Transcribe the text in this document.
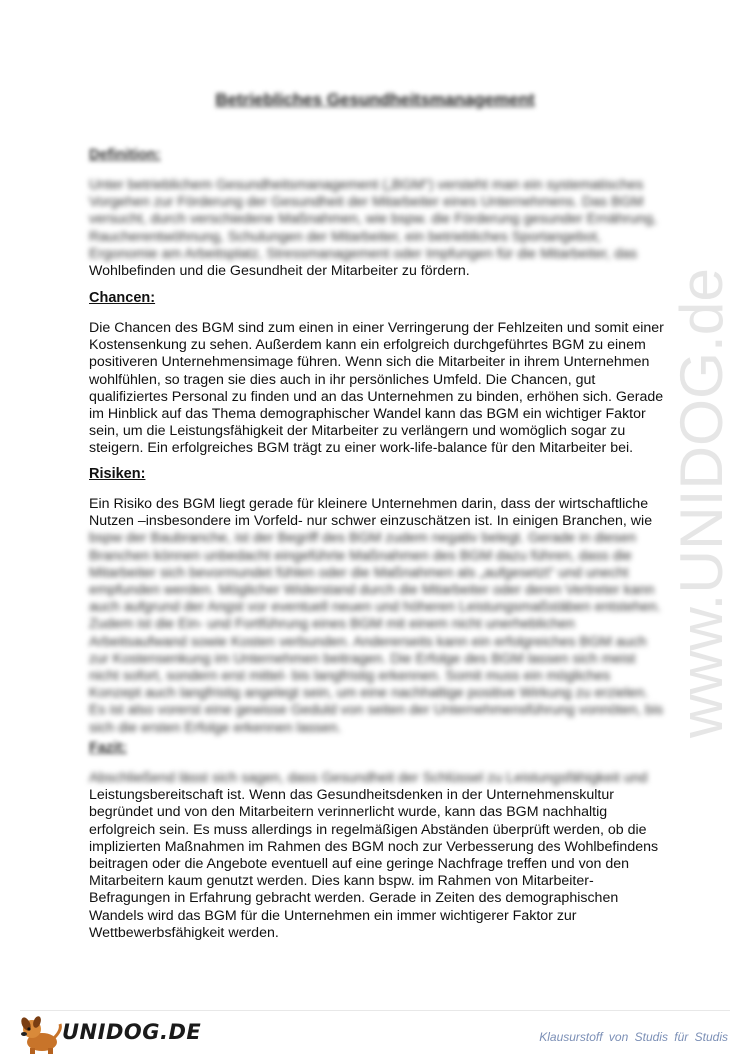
Betriebliches Gesundheitsmanagement
Definition:
Unter betrieblichem Gesundheitsmanagement („BGM“) versteht man ein systematisches
Vorgehen zur Förderung der Gesundheit der Mitarbeiter eines Unternehmens. Das BGM
versucht, durch verschiedene Maßnahmen, wie bspw. die Förderung gesunder Ernährung,
Raucherentwöhnung, Schulungen der Mitarbeiter, ein betriebliches Sportangebot,
Ergonomie am Arbeitsplatz, Stressmanagement oder Impfungen für die Mitarbeiter, das
Wohlbefinden und die Gesundheit der Mitarbeiter zu fördern.
Chancen:
Die Chancen des BGM sind zum einen in einer Verringerung der Fehlzeiten und somit einer
Kostensenkung zu sehen. Außerdem kann ein erfolgreich durchgeführtes BGM zu einem
positiveren Unternehmensimage führen. Wenn sich die Mitarbeiter in ihrem Unternehmen
wohlfühlen, so tragen sie dies auch in ihr persönliches Umfeld. Die Chancen, gut
qualifiziertes Personal zu finden und an das Unternehmen zu binden, erhöhen sich. Gerade
im Hinblick auf das Thema demographischer Wandel kann das BGM ein wichtiger Faktor
sein, um die Leistungsfähigkeit der Mitarbeiter zu verlängern und womöglich sogar zu
steigern. Ein erfolgreiches BGM trägt zu einer work-life-balance für den Mitarbeiter bei.
Risiken:
Ein Risiko des BGM liegt gerade für kleinere Unternehmen darin, dass der wirtschaftliche
Nutzen –insbesondere im Vorfeld- nur schwer einzuschätzen ist. In einigen Branchen, wie
bspw der Baubranche, ist der Begriff des BGM zudem negativ belegt. Gerade in diesen
Branchen können unbedacht eingeführte Maßnahmen des BGM dazu führen, dass die
Mitarbeiter sich bevormundet fühlen oder die Maßnahmen als „aufgesetzt“ und unecht
empfunden werden. Möglicher Widerstand durch die Mitarbeiter oder deren Vertreter kann
auch aufgrund der Angst vor eventuell neuen und höheren Leistungsmaßstäben entstehen.
Zudem ist die Ein- und Fortführung eines BGM mit einem nicht unerheblichen
Arbeitsaufwand sowie Kosten verbunden. Andererseits kann ein erfolgreiches BGM auch
zur Kostensenkung im Unternehmen beitragen. Die Erfolge des BGM lassen sich meist
nicht sofort, sondern erst mittel- bis langfristig erkennen. Somit muss ein mögliches
Konzept auch langfristig angelegt sein, um eine nachhaltige positive Wirkung zu erzielen.
Es ist also vorerst eine gewisse Geduld von seiten der Unternehmensführung vonnöten, bis
sich die ersten Erfolge erkennen lassen.
Fazit:
Abschließend lässt sich sagen, dass Gesundheit der Schlüssel zu Leistungsfähigkeit und
Leistungsbereitschaft ist. Wenn das Gesundheitsdenken in der Unternehmenskultur
begründet und von den Mitarbeitern verinnerlicht wurde, kann das BGM nachhaltig
erfolgreich sein. Es muss allerdings in regelmäßigen Abständen überprüft werden, ob die
implizierten Maßnahmen im Rahmen des BGM noch zur Verbesserung des Wohlbefindens
beitragen oder die Angebote eventuell auf eine geringe Nachfrage treffen und von den
Mitarbeitern kaum genutzt werden. Dies kann bspw. im Rahmen von Mitarbeiter-
Befragungen in Erfahrung gebracht werden. Gerade in Zeiten des demographischen
Wandels wird das BGM für die Unternehmen ein immer wichtigerer Faktor zur
Wettbewerbsfähigkeit werden.
www.UNIDOG.de
UNIDOG.DE	Klausurstoff von Studis für Studis
